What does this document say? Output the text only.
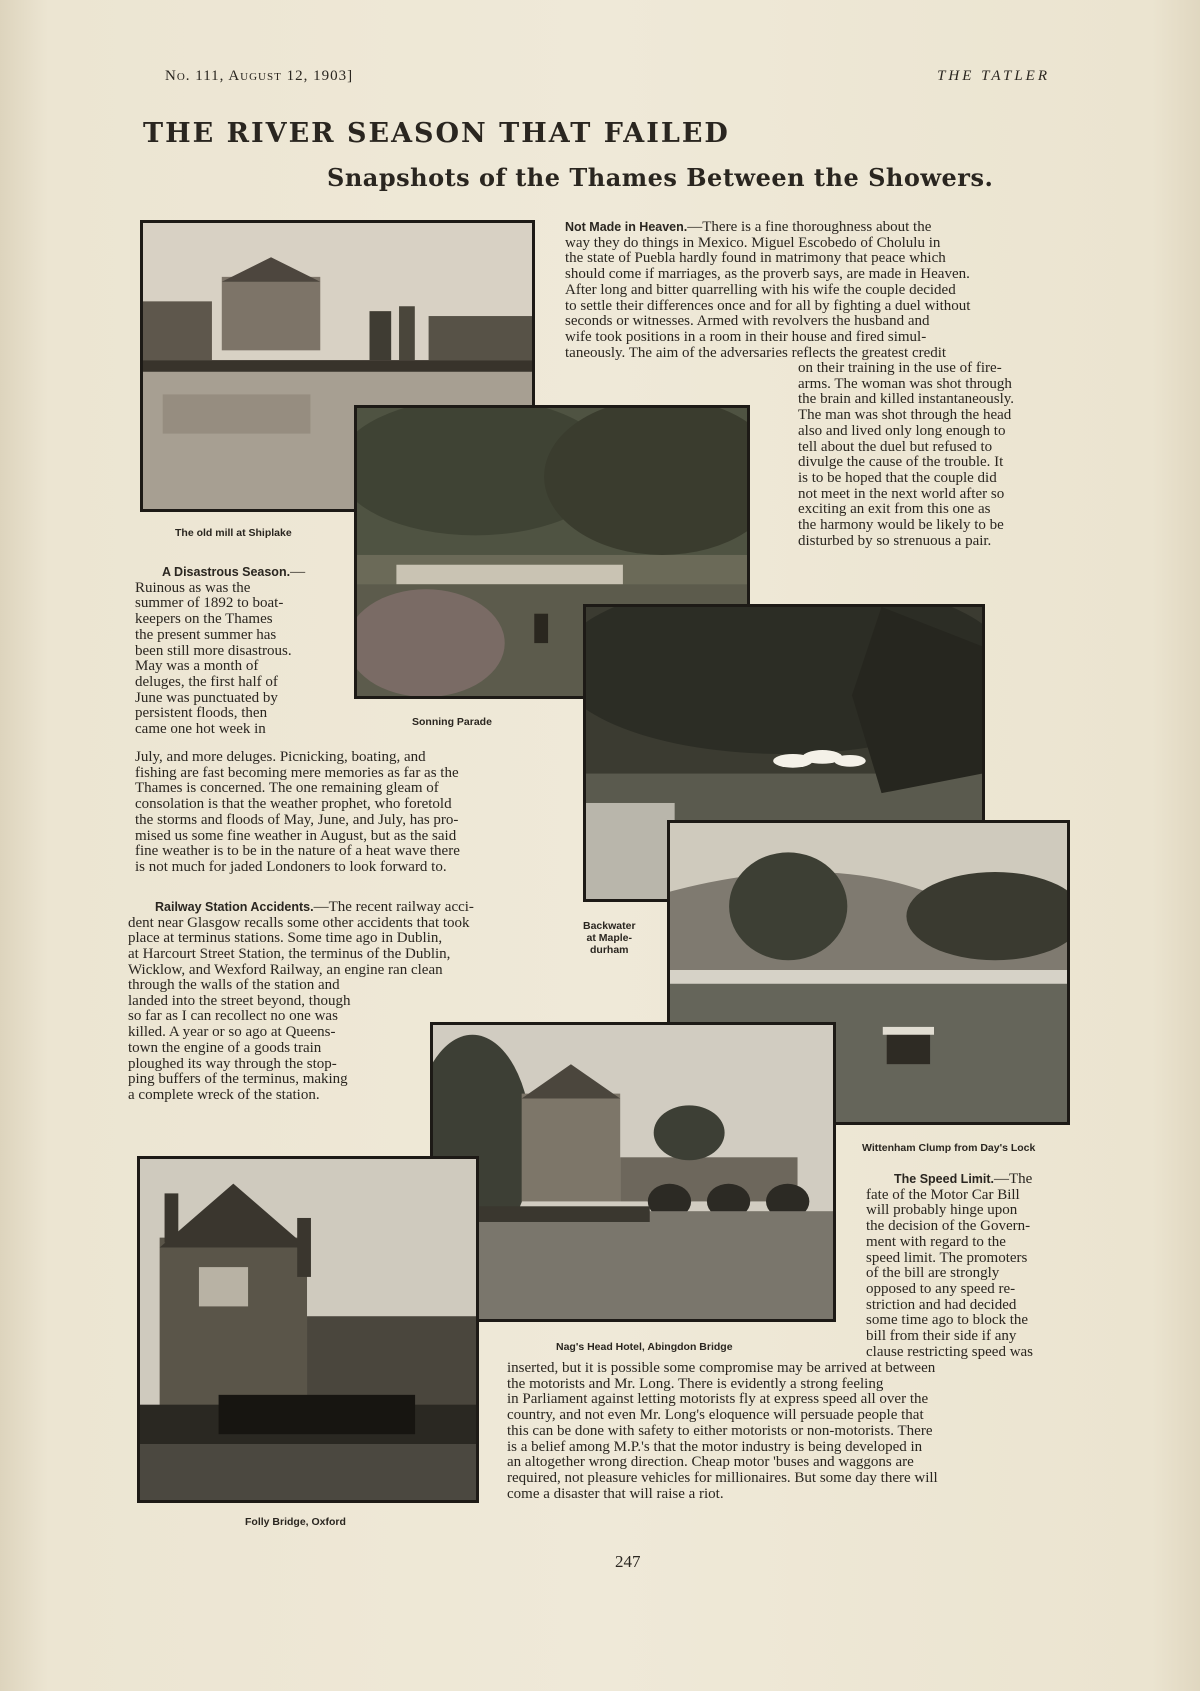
No. 111, August 12, 1903]	THE TATLER
THE RIVER SEASON THAT FAILED
Snapshots of the Thames Between the Showers.
The old mill at Shiplake
Sonning Parade
Backwater
at Maple-
durham
Wittenham Clump from Day's Lock
Nag's Head Hotel, Abingdon Bridge
Folly Bridge, Oxford

Not Made in Heaven.—There is a fine thoroughness about the

way they do things in Mexico. Miguel Escobedo of Cholulu in

the state of Puebla hardly found in matrimony that peace which

should come if marriages, as the proverb says, are made in Heaven.

After long and bitter quarrelling with his wife the couple decided

to settle their differences once and for all by fighting a duel without

seconds or witnesses. Armed with revolvers the husband and

wife took positions in a room in their house and fired simul-

taneously. The aim of the adversaries reflects the greatest credit

on their training in the use of fire-

arms. The woman was shot through

the brain and killed instantaneously.

The man was shot through the head

also and lived only long enough to

tell about the duel but refused to

divulge the cause of the trouble. It

is to be hoped that the couple did

not meet in the next world after so

exciting an exit from this one as

the harmony would be likely to be

disturbed by so strenuous a pair.

A Disastrous Season.—

Ruinous as was the

summer of 1892 to boat-

keepers on the Thames

the present summer has

been still more disastrous.

May was a month of

deluges, the first half of

June was punctuated by

persistent floods, then

came one hot week in

July, and more deluges. Picnicking, boating, and

fishing are fast becoming mere memories as far as the

Thames is concerned. The one remaining gleam of

consolation is that the weather prophet, who foretold

the storms and floods of May, June, and July, has pro-

mised us some fine weather in August, but as the said

fine weather is to be in the nature of a heat wave there

is not much for jaded Londoners to look forward to.

Railway Station Accidents.—The recent railway acci-

dent near Glasgow recalls some other accidents that took

place at terminus stations. Some time ago in Dublin,

at Harcourt Street Station, the terminus of the Dublin,

Wicklow, and Wexford Railway, an engine ran clean

through the walls of the station and

landed into the street beyond, though

so far as I can recollect no one was

killed. A year or so ago at Queens-

town the engine of a goods train

ploughed its way through the stop-

ping buffers of the terminus, making

a complete wreck of the station.

The Speed Limit.—The

fate of the Motor Car Bill

will probably hinge upon

the decision of the Govern-

ment with regard to the

speed limit. The promoters

of the bill are strongly

opposed to any speed re-

striction and had decided

some time ago to block the

bill from their side if any

clause restricting speed was

inserted, but it is possible some compromise may be arrived at between

the motorists and Mr. Long. There is evidently a strong feeling

in Parliament against letting motorists fly at express speed all over the

country, and not even Mr. Long's eloquence will persuade people that

this can be done with safety to either motorists or non-motorists. There

is a belief among M.P.'s that the motor industry is being developed in

an altogether wrong direction. Cheap motor 'buses and waggons are

required, not pleasure vehicles for millionaires. But some day there will

come a disaster that will raise a riot.

247
